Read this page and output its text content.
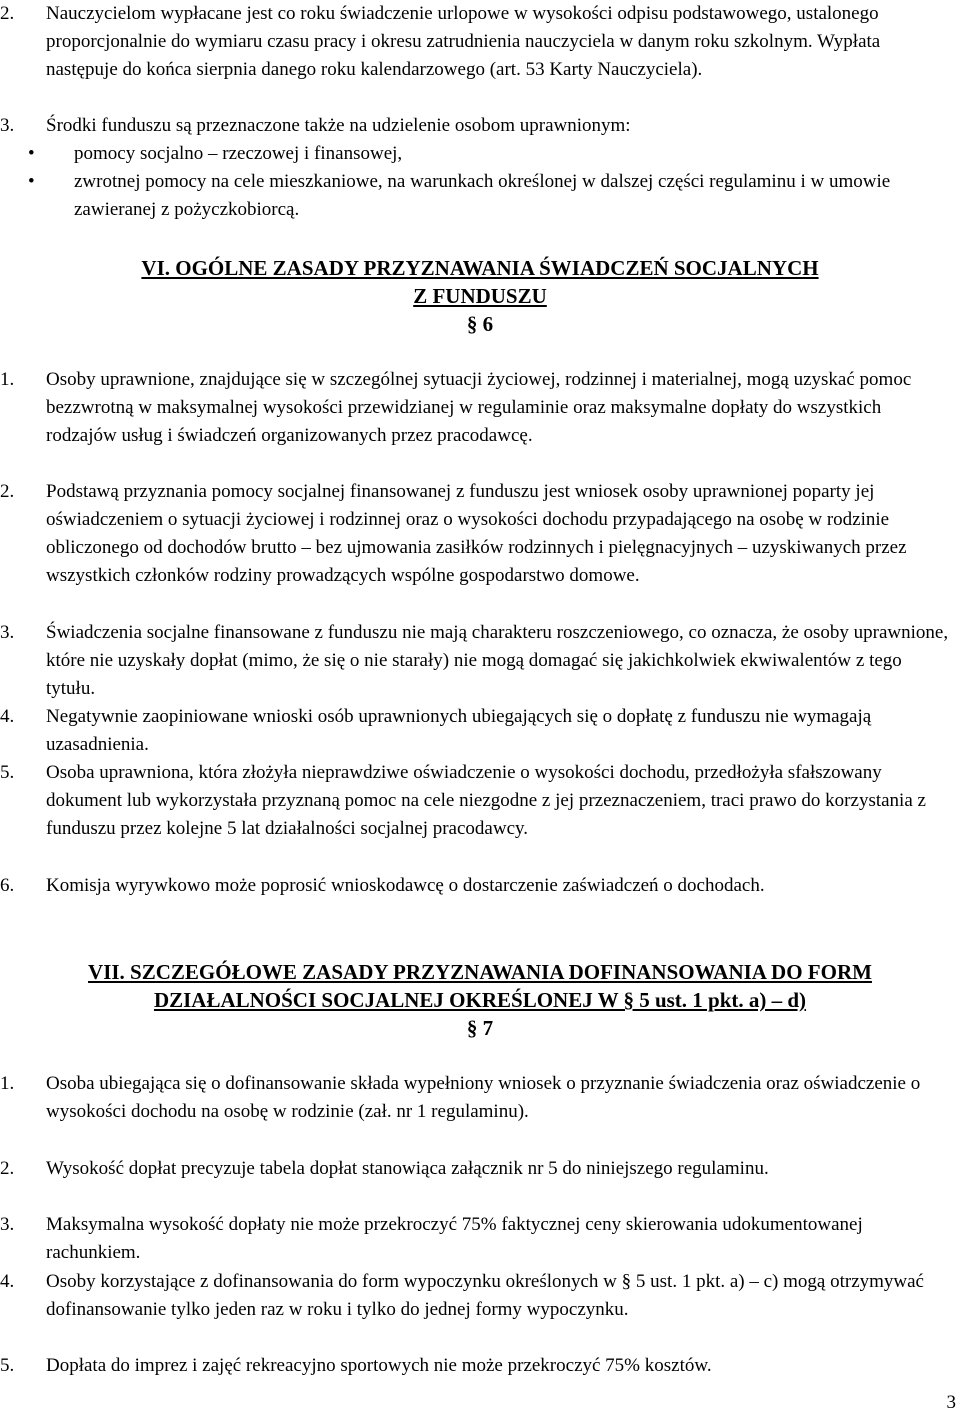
2. Nauczycielom wypłacane jest co roku świadczenie urlopowe w wysokości odpisu podstawowego, ustalonego proporcjonalnie do wymiaru czasu pracy i okresu zatrudnienia nauczyciela w danym roku szkolnym. Wypłata następuje do końca sierpnia danego roku kalendarzowego (art. 53 Karty Nauczyciela).
3. Środki funduszu są przeznaczone także na udzielenie osobom uprawnionym:
• pomocy socjalno – rzeczowej i finansowej,
• zwrotnej pomocy na cele mieszkaniowe, na warunkach określonej w dalszej części regulaminu i w umowie zawieranej z pożyczkobiorcą.
VI. OGÓLNE ZASADY PRZYZNAWANIA ŚWIADCZEŃ SOCJALNYCH
Z FUNDUSZU
§ 6
1. Osoby uprawnione, znajdujące się w szczególnej sytuacji życiowej, rodzinnej i materialnej, mogą uzyskać pomoc bezzwrotną w maksymalnej wysokości przewidzianej w regulaminie oraz maksymalne dopłaty do wszystkich rodzajów usług i świadczeń organizowanych przez pracodawcę.
2. Podstawą przyznania pomocy socjalnej finansowanej z funduszu jest wniosek osoby uprawnionej poparty jej oświadczeniem o sytuacji życiowej i rodzinnej oraz o wysokości dochodu przypadającego na osobę w rodzinie obliczonego od dochodów brutto – bez ujmowania zasiłków rodzinnych i pielęgnacyjnych – uzyskiwanych przez wszystkich członków rodziny prowadzących wspólne gospodarstwo domowe.
3. Świadczenia socjalne finansowane z funduszu nie mają charakteru roszczeniowego, co oznacza, że osoby uprawnione, które nie uzyskały dopłat (mimo, że się o nie starały) nie mogą domagać się jakichkolwiek ekwiwalentów z tego tytułu.
4. Negatywnie zaopiniowane wnioski osób uprawnionych ubiegających się o dopłatę z funduszu nie wymagają uzasadnienia.
5. Osoba uprawniona, która złożyła nieprawdziwe oświadczenie o wysokości dochodu, przedłożyła sfałszowany dokument lub wykorzystała przyznaną pomoc na cele niezgodne z jej przeznaczeniem, traci prawo do korzystania z funduszu przez kolejne 5 lat działalności socjalnej pracodawcy.
6. Komisja wyrywkowo może poprosić wnioskodawcę o dostarczenie zaświadczeń o dochodach.
VII. SZCZEGÓŁOWE ZASADY PRZYZNAWANIA DOFINANSOWANIA DO FORM
DZIAŁALNOŚCI SOCJALNEJ OKREŚLONEJ W § 5 ust. 1 pkt. a) – d)
§ 7
1. Osoba ubiegająca się o dofinansowanie składa wypełniony wniosek o przyznanie świadczenia oraz oświadczenie o wysokości dochodu na osobę w rodzinie (zał. nr 1 regulaminu).
2. Wysokość dopłat precyzuje tabela dopłat stanowiąca załącznik nr 5 do niniejszego regulaminu.
3. Maksymalna wysokość dopłaty nie może przekroczyć 75% faktycznej ceny skierowania udokumentowanej rachunkiem.
4. Osoby korzystające z dofinansowania do form wypoczynku określonych w § 5 ust. 1 pkt. a) – c) mogą otrzymywać dofinansowanie tylko jeden raz w roku i tylko do jednej formy wypoczynku.
5. Dopłata do imprez i zajęć rekreacyjno sportowych nie może przekroczyć 75% kosztów.
3
